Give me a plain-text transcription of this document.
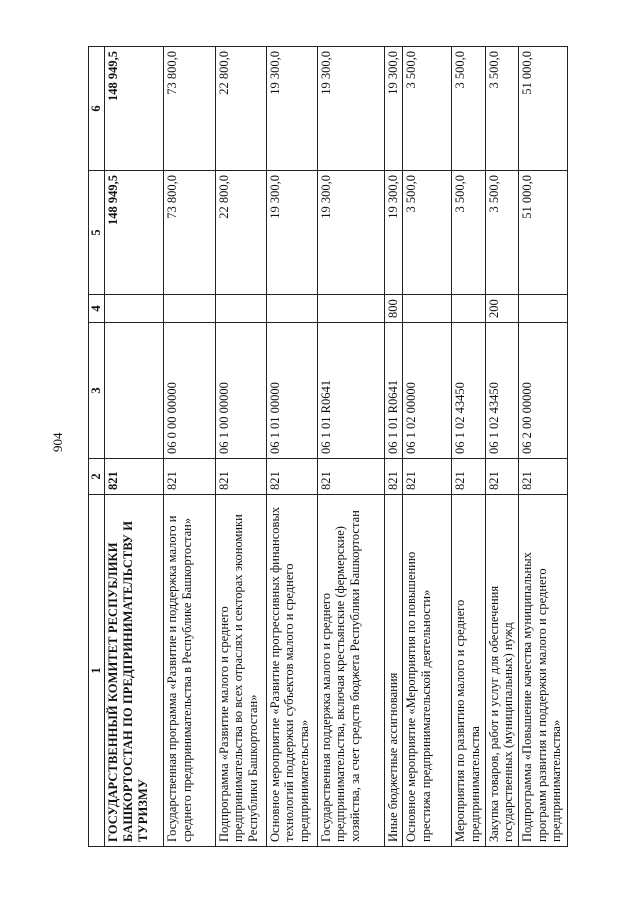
904
1	2	3	4	5	6
ГОСУДАРСТВЕННЫЙ КОМИТЕТ РЕСПУБЛИКИ БАШКОРТОСТАН ПО ПРЕДПРИНИМАТЕЛЬСТВУ И ТУРИЗМУ	821			148 949,5	148 949,5
Государственная программа «Развитие и поддержка малого и среднего предпринимательства в Республике Башкортостан»	821	06 0 00 00000		73 800,0	73 800,0
Подпрограмма «Развитие малого и среднего предпринимательства во всех отраслях и секторах экономики Республики Башкортостан»	821	06 1 00 00000		22 800,0	22 800,0
Основное мероприятие «Развитие прогрессивных финансовых технологий поддержки субъектов малого и среднего предпринимательства»	821	06 1 01 00000		19 300,0	19 300,0
Государственная поддержка малого и среднего предпринимательства, включая крестьянские (фермерские) хозяйства, за счет средств бюджета Республики Башкортостан	821	06 1 01 R0641		19 300,0	19 300,0
Иные бюджетные ассигнования	821	06 1 01 R0641	800	19 300,0	19 300,0
Основное мероприятие «Мероприятия по повышению престижа предпринимательской деятельности»	821	06 1 02 00000		3 500,0	3 500,0
Мероприятия по развитию малого и среднего предпринимательства	821	06 1 02 43450		3 500,0	3 500,0
Закупка товаров, работ и услуг для обеспечения государственных (муниципальных) нужд	821	06 1 02 43450	200	3 500,0	3 500,0
Подпрограмма «Повышение качества муниципальных программ развития и поддержки малого и среднего предпринимательства»	821	06 2 00 00000		51 000,0	51 000,0
